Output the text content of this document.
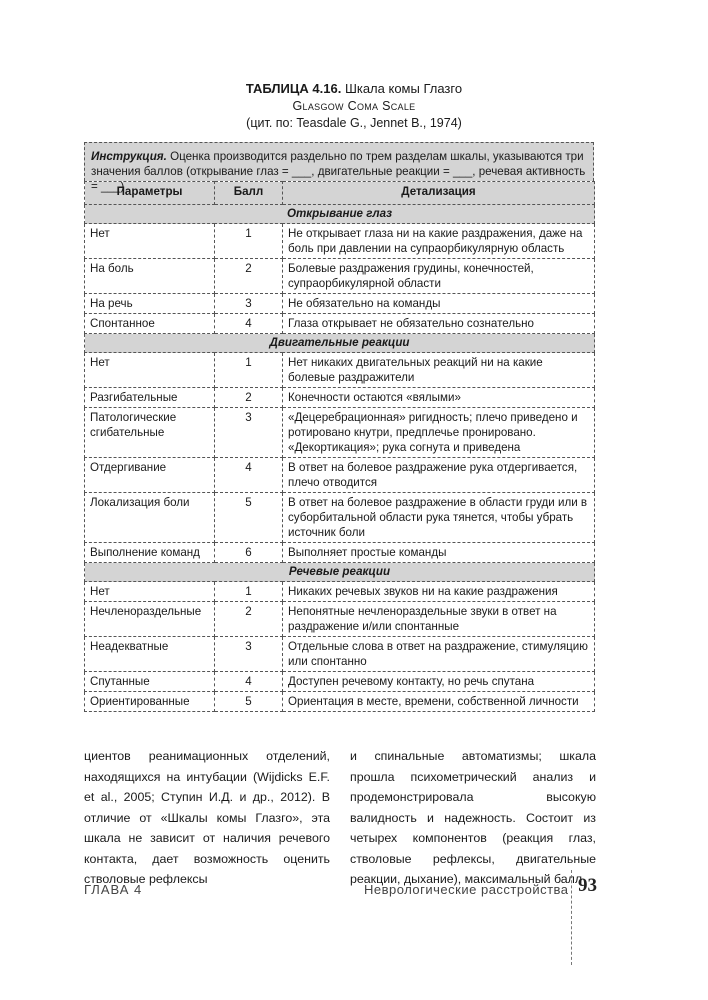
ТАБЛИЦА 4.16. Шкала комы Глазго
Glasgow Coma Scale
(цит. по: Teasdale G., Jennet B., 1974)
Инструкция. Оценка производится раздельно по трем разделам шкалы, указываются три значения баллов (открывание глаз = ___, двигательные реакции = ___, речевая активность = ___)
Параметры	Балл	Детализация
Открывание глаз		
Нет	1	Не открывает глаза ни на какие раздражения, даже на боль при давлении на супраорбикулярную область
На боль	2	Болевые раздражения грудины, конечностей, супраорбикулярной области
На речь	3	Не обязательно на команды
Спонтанное	4	Глаза открывает не обязательно сознательно
Двигательные реакции		
Нет	1	Нет никаких двигательных реакций ни на какие болевые раздражители
Разгибательные	2	Конечности остаются «вялыми»
Патологические сгибательные	3	«Децеребрационная» ригидность; плечо приведено и ротировано кнутри, предплечье пронировано. «Декортикация»; рука согнута и приведена
Отдергивание	4	В ответ на болевое раздражение рука отдергивается, плечо отводится
Локализация боли	5	В ответ на болевое раздражение в области груди или в суборбитальной области рука тянется, чтобы убрать источник боли
Выполнение команд	6	Выполняет простые команды
Речевые реакции		
Нет	1	Никаких речевых звуков ни на какие раздражения
Нечленораздельные	2	Непонятные нечленораздельные звуки в ответ на раздражение и/или спонтанные
Неадекватные	3	Отдельные слова в ответ на раздражение, стимуляцию или спонтанно
Спутанные	4	Доступен речевому контакту, но речь спутана
Ориентированные	5	Ориентация в месте, времени, собственной личности

циентов реанимационных отделений, находящихся на интубации (Wijdicks E.F. et al., 2005; Ступин И.Д. и др., 2012). В отличие от «Шкалы комы Глазго», эта шкала не зависит от наличия речевого контакта, дает возможность оценить стволовые рефлексы

и спинальные автоматизмы; шкала прошла психометрический анализ и продемонстрировала высокую валидность и надежность. Состоит из четырех компонентов (реакция глаз, стволовые рефлексы, двигательные реакции, дыхание), максимальный балл

ГЛАВА 4	Неврологические расстройства 93
